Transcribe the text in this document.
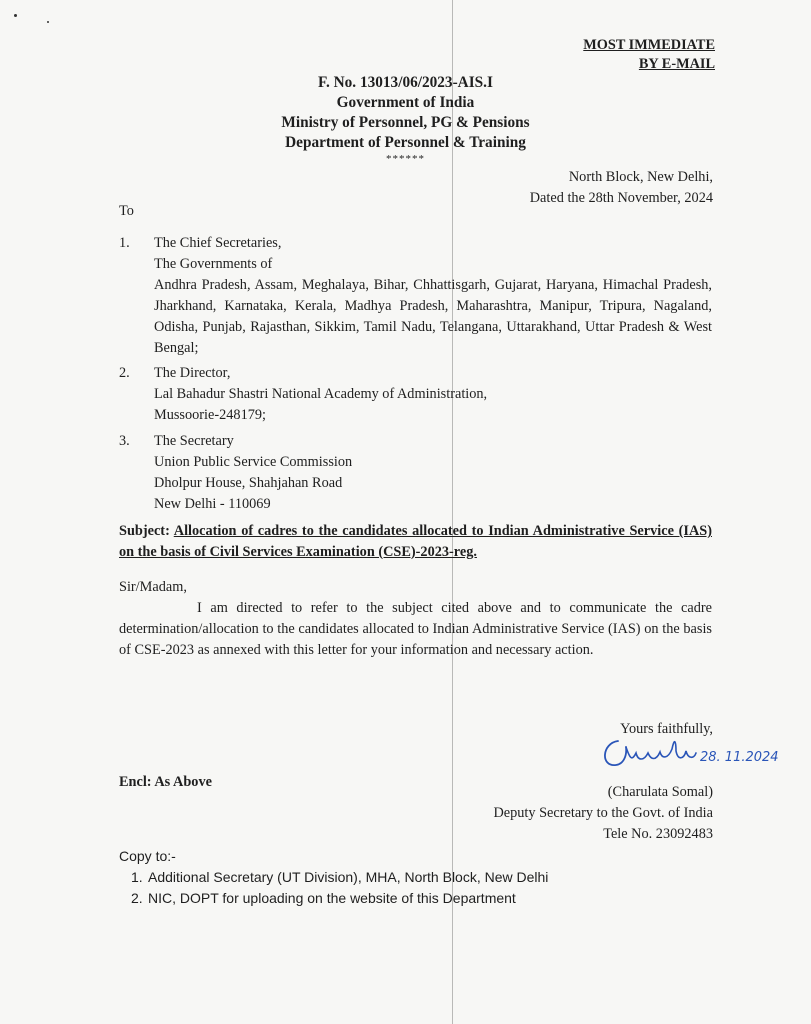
MOST IMMEDIATE
BY E-MAIL
F. No. 13013/06/2023-AIS.I
Government of India
Ministry of Personnel, PG & Pensions
Department of Personnel & Training
******
North Block, New Delhi,
Dated the 28th November, 2024
To
1. The Chief Secretaries,
The Governments of
Andhra Pradesh, Assam, Meghalaya, Bihar, Chhattisgarh, Gujarat, Haryana, Himachal Pradesh, Jharkhand, Karnataka, Kerala, Madhya Pradesh, Maharashtra, Manipur, Tripura, Nagaland, Odisha, Punjab, Rajasthan, Sikkim, Tamil Nadu, Telangana, Uttarakhand, Uttar Pradesh & West Bengal;
2. The Director,
Lal Bahadur Shastri National Academy of Administration,
Mussoorie-248179;
3. The Secretary
Union Public Service Commission
Dholpur House, Shahjahan Road
New Delhi - 110069
Subject: Allocation of cadres to the candidates allocated to Indian Administrative Service (IAS) on the basis of Civil Services Examination (CSE)-2023-reg.
Sir/Madam,
I am directed to refer to the subject cited above and to communicate the cadre determination/allocation to the candidates allocated to Indian Administrative Service (IAS) on the basis of CSE-2023 as annexed with this letter for your information and necessary action.
Yours faithfully,
(Charulata Somal)
Deputy Secretary to the Govt. of India
Tele No. 23092483
28. 11.2024
Encl: As Above
Copy to:-
1. Additional Secretary (UT Division), MHA, North Block, New Delhi
2. NIC, DOPT for uploading on the website of this Department
